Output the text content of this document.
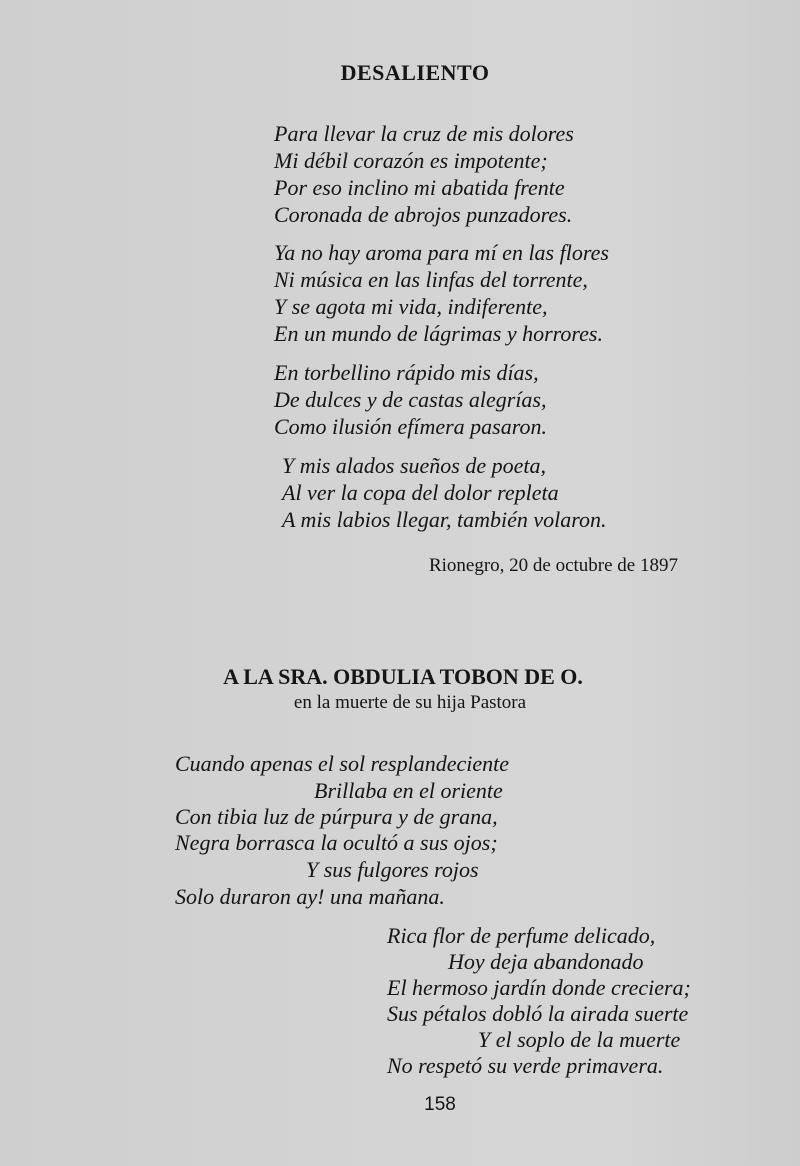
DESALIENTO
Para llevar la cruz de mis dolores
Mi débil corazón es impotente;
Por eso inclino mi abatida frente
Coronada de abrojos punzadores.
Ya no hay aroma para mí en las flores
Ni música en las linfas del torrente,
Y se agota mi vida, indiferente,
En un mundo de lágrimas y horrores.
En torbellino rápido mis días,
De dulces y de castas alegrías,
Como ilusión efímera pasaron.
Y mis alados sueños de poeta,
Al ver la copa del dolor repleta
A mis labios llegar, también volaron.
Rionegro, 20 de octubre de 1897
A LA SRA. OBDULIA TOBON DE O.
en la muerte de su hija Pastora
Cuando apenas el sol resplandeciente
Brillaba en el oriente
Con tibia luz de púrpura y de grana,
Negra borrasca la ocultó a sus ojos;
Y sus fulgores rojos
Solo duraron ay! una mañana.
Rica flor de perfume delicado,
Hoy deja abandonado
El hermoso jardín donde creciera;
Sus pétalos dobló la airada suerte
Y el soplo de la muerte
No respetó su verde primavera.
158
